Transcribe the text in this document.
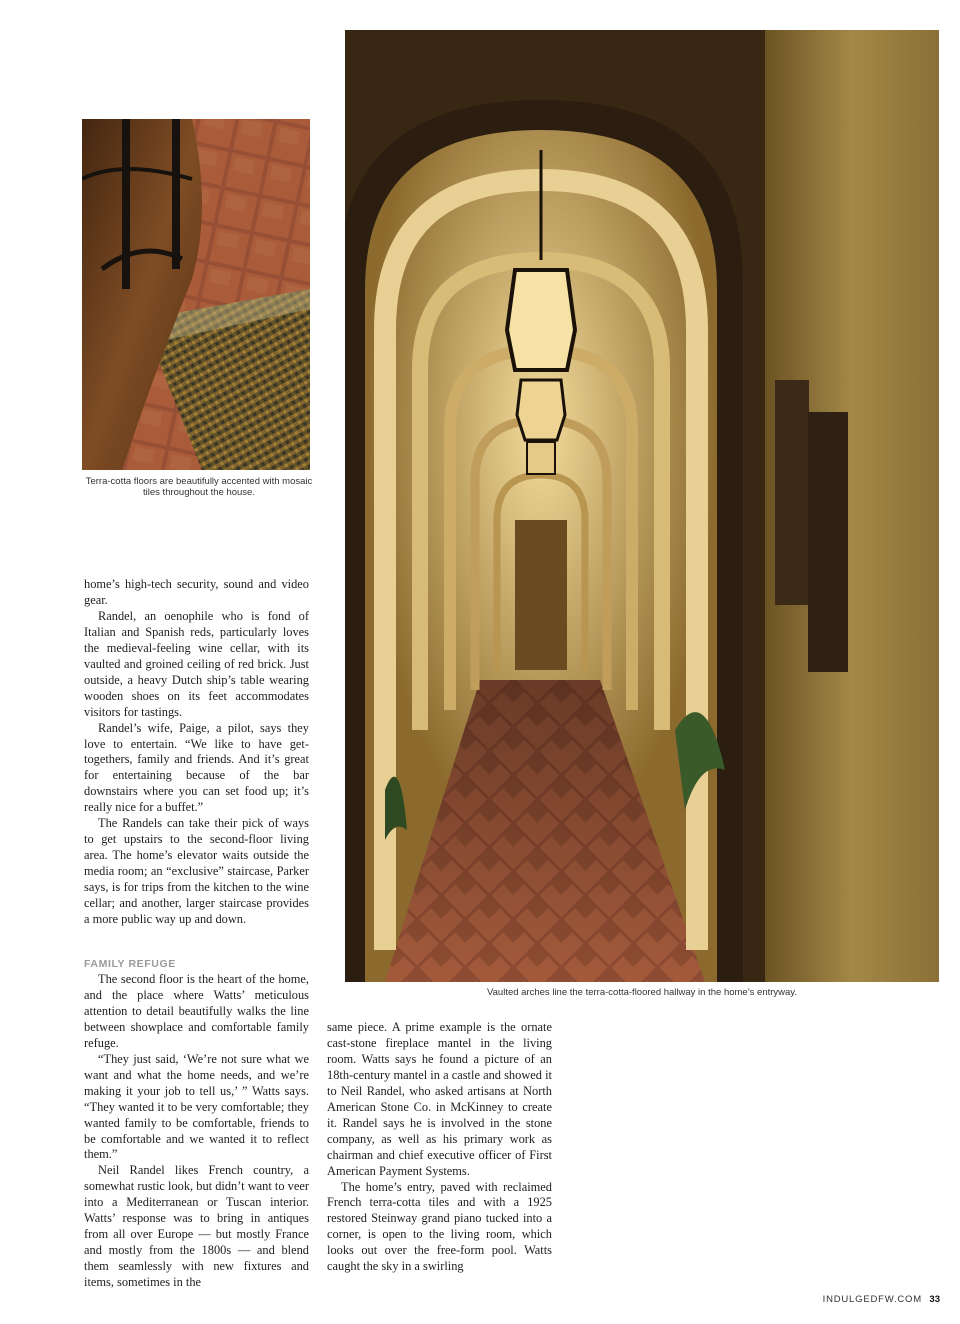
Terra-cotta floors are beautifully accented with mosaic tiles throughout the house.

home’s high-tech security, sound and video gear.

Randel, an oenophile who is fond of Italian and Spanish reds, particularly loves the medieval-feeling wine cellar, with its vaulted and groined ceiling of red brick. Just outside, a heavy Dutch ship’s table wearing wooden shoes on its feet accommodates visitors for tastings.

Randel’s wife, Paige, a pilot, says they love to entertain. “We like to have get-togethers, family and friends. And it’s great for entertaining because of the bar downstairs where you can set food up; it’s really nice for a buffet.”

The Randels can take their pick of ways to get upstairs to the second-floor living area. The home’s elevator waits outside the media room; an “exclusive” staircase, Parker says, is for trips from the kitchen to the wine cellar; and another, larger staircase provides a more public way up and down.

FAMILY REFUGE

The second floor is the heart of the home, and the place where Watts’ meticulous attention to detail beautifully walks the line between showplace and comfortable family refuge.

“They just said, ‘We’re not sure what we want and what the home needs, and we’re making it your job to tell us,’ ” Watts says. “They wanted it to be very comfortable; they wanted family to be comfortable, friends to be comfortable and we wanted it to reflect them.”

Neil Randel likes French country, a somewhat rustic look, but didn’t want to veer into a Mediterranean or Tuscan interior. Watts’ response was to bring in antiques from all over Europe — but mostly France and mostly from the 1800s — and blend them seamlessly with new fixtures and items, sometimes in the

same piece. A prime example is the ornate cast-stone fireplace mantel in the living room. Watts says he found a picture of an 18th-century mantel in a castle and showed it to Neil Randel, who asked artisans at North American Stone Co. in McKinney to create it. Randel says he is involved in the stone company, as well as his primary work as chairman and chief executive officer of First American Payment Systems.

The home’s entry, paved with reclaimed French terra-cotta tiles and with a 1925 restored Steinway grand piano tucked into a corner, is open to the living room, which looks out over the free-form pool. Watts caught the sky in a swirling

Vaulted arches line the terra-cotta-floored hallway in the home’s entryway.
INDULGEDFW.COM 33
